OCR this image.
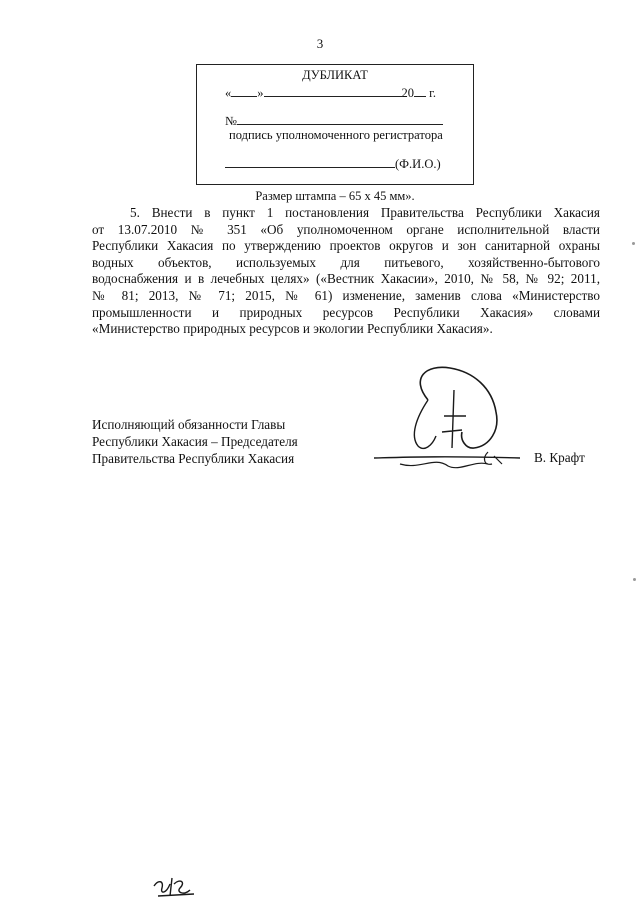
3
ДУБЛИКАТ
« »	20 г.
№
подпись уполномоченного регистратора
(Ф.И.О.)
Размер штампа – 65 х 45 мм».
5. Внести в пункт 1 постановления Правительства Республики Хакасия
от 13.07.2010 № 351 «Об уполномоченном органе исполнительной власти
Республики Хакасия по утверждению проектов округов и зон санитарной охраны
водных объектов, используемых для питьевого, хозяйственно-бытового
водоснабжения и в лечебных целях» («Вестник Хакасии», 2010, № 58, № 92; 2011,
№ 81; 2013, № 71; 2015, № 61) изменение, заменив слова «Министерство
промышленности и природных ресурсов Республики Хакасия» словами
«Министерство природных ресурсов и экологии Республики Хакасия».
Исполняющий обязанности Главы
Республики Хакасия – Председателя
Правительства Республики Хакасия	В. Крафт
